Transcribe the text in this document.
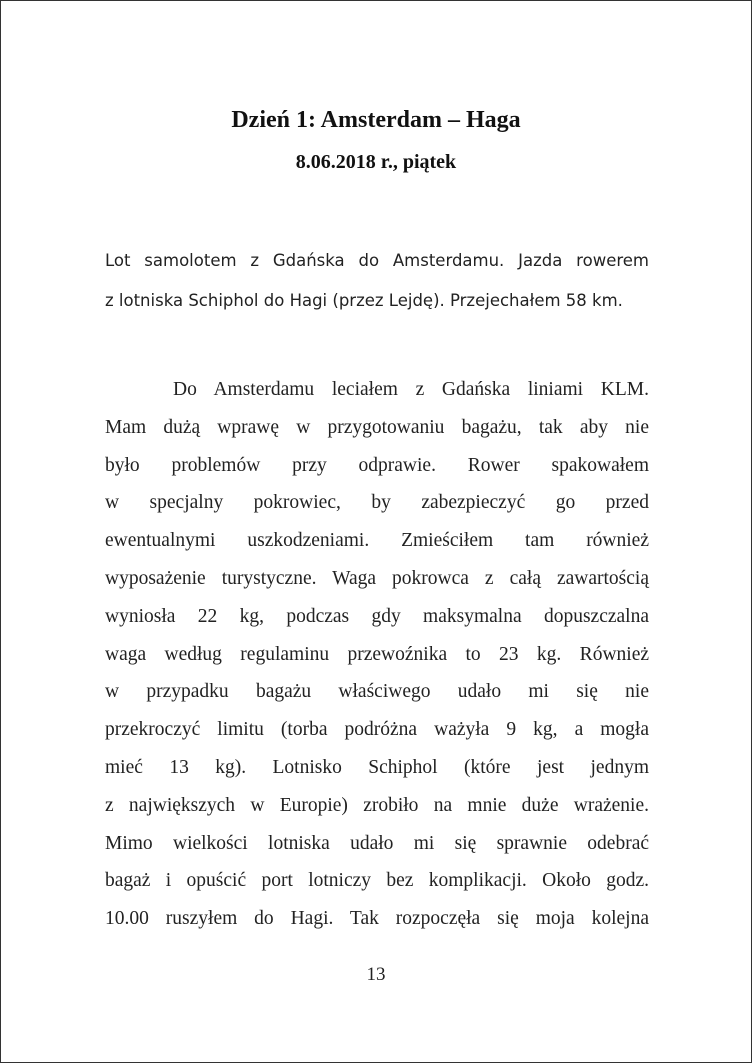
Dzień 1: Amsterdam – Haga
8.06.2018 r., piątek
Lot samolotem z Gdańska do Amsterdamu. Jazda rowerem
z lotniska Schiphol do Hagi (przez Lejdę). Przejechałem 58 km.
Do Amsterdamu leciałem z Gdańska liniami KLM.
Mam dużą wprawę w przygotowaniu bagażu, tak aby nie
było problemów przy odprawie. Rower spakowałem
w specjalny pokrowiec, by zabezpieczyć go przed
ewentualnymi uszkodzeniami. Zmieściłem tam również
wyposażenie turystyczne. Waga pokrowca z całą zawartością
wyniosła 22 kg, podczas gdy maksymalna dopuszczalna
waga według regulaminu przewoźnika to 23 kg. Również
w przypadku bagażu właściwego udało mi się nie
przekroczyć limitu (torba podróżna ważyła 9 kg, a mogła
mieć 13 kg). Lotnisko Schiphol (które jest jednym
z największych w Europie) zrobiło na mnie duże wrażenie.
Mimo wielkości lotniska udało mi się sprawnie odebrać
bagaż i opuścić port lotniczy bez komplikacji. Około godz.
10.00 ruszyłem do Hagi. Tak rozpoczęła się moja kolejna
13
